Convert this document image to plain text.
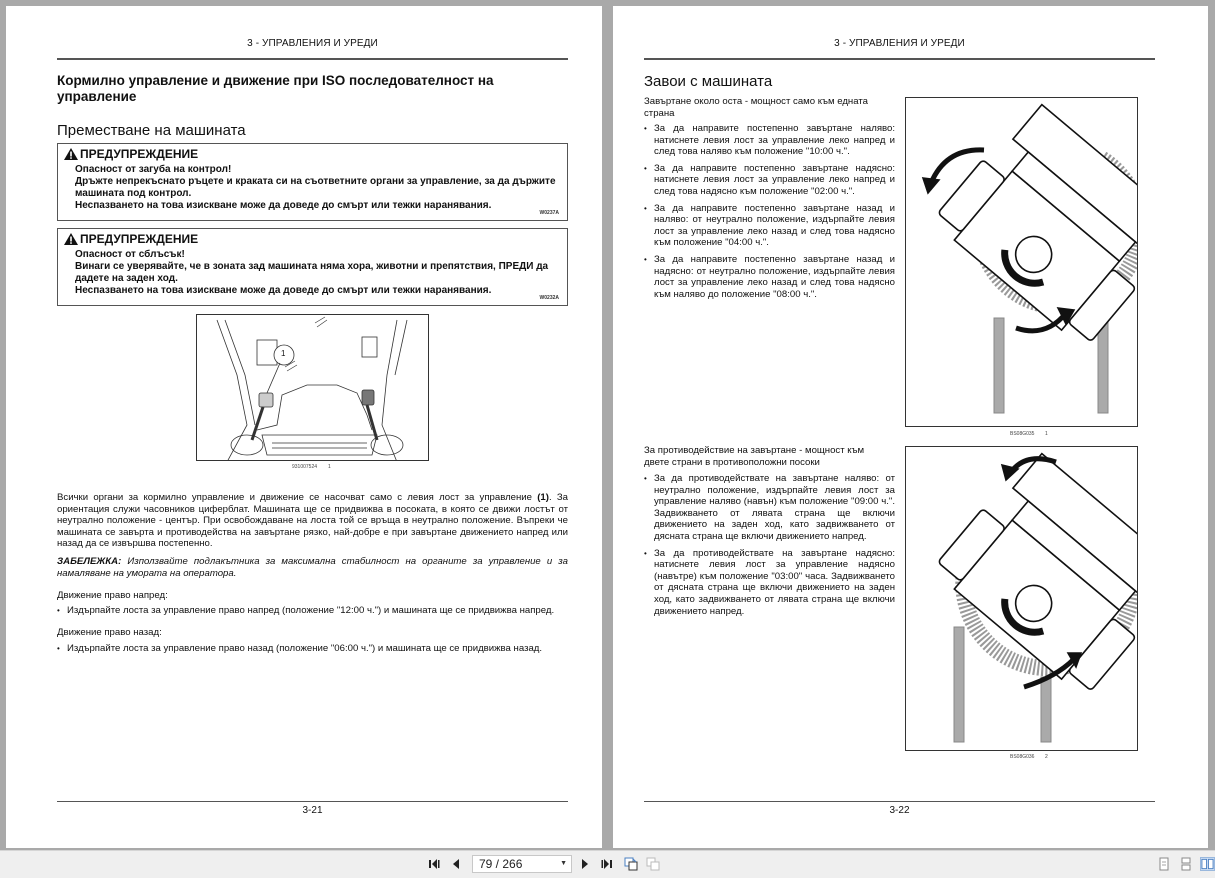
3 - УПРАВЛЕНИЯ И УРЕДИ
Кормилно управление и движение при ISO последователност на управление
Преместване на машината
ПРЕДУПРЕЖДЕНИЕ
Опасност от загуба на контрол!
Дръжте непрекъснато ръцете и краката си на съответните органи за управление, за да държите машината под контрол.
Неспазването на това изискване може да доведе до смърт или тежки наранявания.
W0237A
ПРЕДУПРЕЖДЕНИЕ
Опасност от сблъсък!
Винаги се уверявайте, че в зоната зад машината няма хора, животни и препятствия, ПРЕДИ да дадете на заден ход.
Неспазването на това изискване може да доведе до смърт или тежки наранявания.
W0232A
1
931007524 1
Всички органи за кормилно управление и движение се насочват само с левия лост за управление (1). За ориентация служи часовников циферблат. Машината ще се придвижва в посоката, в която се движи лостът от неутрално положение - център. При освобождаване на лоста той се връща в неутрално положение. Въпреки че машината се завърта и противодейства на завъртане рязко, най-добре е при завъртане движението напред или назад да се извършва постепенно.
ЗАБЕЛЕЖКА: Използвайте подлакътника за максимална стабилност на органите за управление и за намаляване на умората на оператора.
Движение право напред:
• Издърпайте лоста за управление право напред (положение "12:00 ч.") и машината ще се придвижва напред.
Движение право назад:
• Издърпайте лоста за управление право назад (положение "06:00 ч.") и машината ще се придвижва назад.
3-21
3 - УПРАВЛЕНИЯ И УРЕДИ
Завои с машината
Завъртане около оста - мощност само към едната страна
• За да направите постепенно завъртане наляво: натиснете левия лост за управление леко напред и след това наляво към положение "10:00 ч.".
• За да направите постепенно завъртане надясно: натиснете левия лост за управление леко напред и след това надясно към положение "02:00 ч.".
• За да направите постепенно завъртане назад и наляво: от неутрално положение, издърпайте левия лост за управление леко назад и след това надясно към положение "04:00 ч.".
• За да направите постепенно завъртане назад и надясно: от неутрално положение, издърпайте левия лост за управление леко назад и след това надясно към наляво до положение "08:00 ч.".
За противодействие на завъртане - мощност към двете страни в противоположни посоки
• За да противодействате на завъртане наляво: от неутрално положение, издърпайте левия лост за управление наляво (навън) към положение "09:00 ч.". Задвижването от лявата страна ще включи движението на заден ход, като задвижването от дясната страна ще включи движението напред.
• За да противодействате на завъртане надясно: натиснете левия лост за управление надясно (навътре) към положение "03:00" часа. Задвижването от дясната страна ще включи движението на заден ход, като задвижването от лявата страна ще включи движението напред.
BS08G035 1
BS08G036 2
3-22
79 / 266	▼
